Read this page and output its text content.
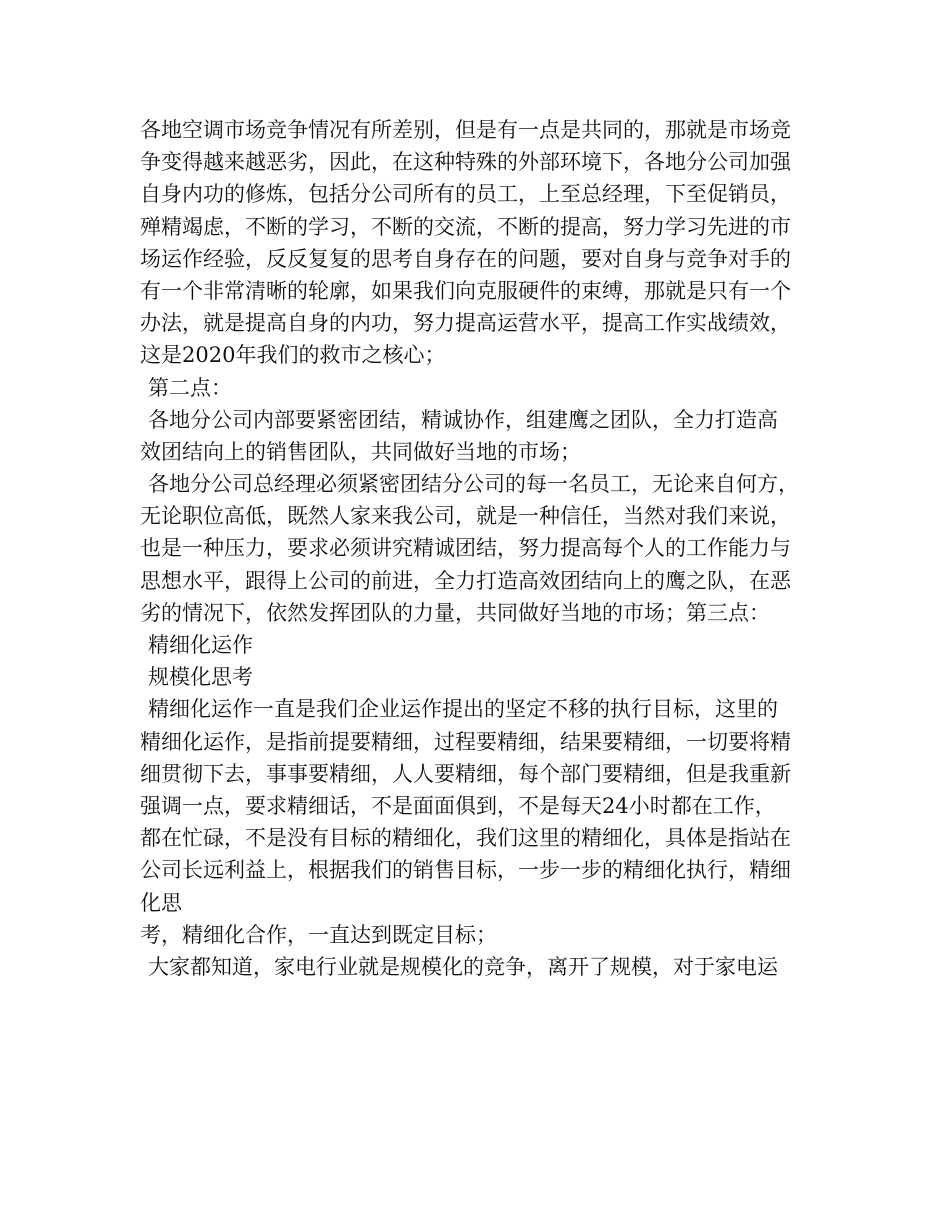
各地空调市场竞争情况有所差别，但是有一点是共同的，那就是市场竞
争变得越来越恶劣，因此，在这种特殊的外部环境下，各地分公司加强
自身内功的修炼，包括分公司所有的员工，上至总经理，下至促销员，
殚精竭虑，不断的学习，不断的交流，不断的提高，努力学习先进的市
场运作经验，反反复复的思考自身存在的问题，要对自身与竞争对手的
有一个非常清晰的轮廓，如果我们向克服硬件的束缚，那就是只有一个
办法，就是提高自身的内功，努力提高运营水平，提高工作实战绩效，
这是2020年我们的救市之核心；
第二点：
各地分公司内部要紧密团结，精诚协作，组建鹰之团队，全力打造高
效团结向上的销售团队，共同做好当地的市场；
各地分公司总经理必须紧密团结分公司的每一名员工，无论来自何方，
无论职位高低，既然人家来我公司，就是一种信任，当然对我们来说，
也是一种压力，要求必须讲究精诚团结，努力提高每个人的工作能力与
思想水平，跟得上公司的前进，全力打造高效团结向上的鹰之队，在恶
劣的情况下，依然发挥团队的力量，共同做好当地的市场；第三点：
精细化运作
规模化思考
精细化运作一直是我们企业运作提出的坚定不移的执行目标，这里的
精细化运作，是指前提要精细，过程要精细，结果要精细，一切要将精
细贯彻下去，事事要精细，人人要精细，每个部门要精细，但是我重新
强调一点，要求精细话，不是面面俱到，不是每天24小时都在工作，
都在忙碌，不是没有目标的精细化，我们这里的精细化，具体是指站在
公司长远利益上，根据我们的销售目标，一步一步的精细化执行，精细
化思
考，精细化合作，一直达到既定目标；
大家都知道，家电行业就是规模化的竞争，离开了规模，对于家电运
